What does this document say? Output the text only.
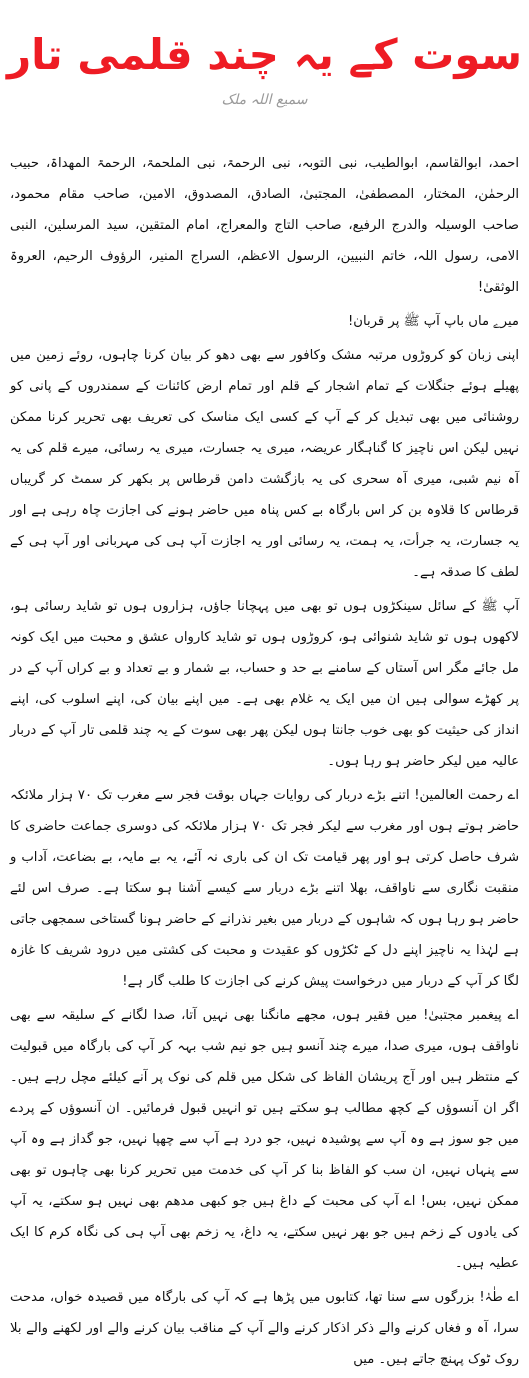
سوت کے یہ چند قلمی تار
سمیع اللہ ملک

احمد، ابوالقاسم، ابوالطیب، نبی التوبہ، نبی الرحمۃ، نبی الملحمۃ، الرحمۃ المھداۃ، حبیب الرحمٰن، المختار، المصطفیٰ، المجتبیٰ، الصادق، المصدوق، الامین، صاحب مقام محمود، صاحب الوسیلہ والدرج الرفیع، صاحب التاج والمعراج، امام المتقین، سید المرسلین، النبی الامی، رسول اللہ، خاتم النبیین، الرسول الاعظم، السراج المنیر، الرؤوف الرحیم، العروۃ الوثقیٰ!

میرے ماں باپ آپ ﷺ پر قربان!

اپنی زبان کو کروڑوں مرتبہ مشک وکافور سے بھی دھو کر بیان کرنا چاہوں، روئے زمین میں پھیلے ہوئے جنگلات کے تمام اشجار کے قلم اور تمام ارض کائنات کے سمندروں کے پانی کو روشنائی میں بھی تبدیل کر کے آپ کے کسی ایک مناسک کی تعریف بھی تحریر کرنا ممکن نہیں لیکن اس ناچیز کا گناہگار عریضہ، میری یہ جسارت، میری یہ رسائی، میرے قلم کی یہ آہ نیم شبی، میری آہ سحری کی یہ بازگشت دامن قرطاس پر بکھر کر سمٹ کر گریباں قرطاس کا قلاوہ بن کر اس بارگاہ بے کس پناہ میں حاضر ہونے کی اجازت چاہ رہی ہے اور یہ جسارت، یہ جرأت، یہ ہمت، یہ رسائی اور یہ اجازت آپ ہی کی مہربانی اور آپ ہی کے لطف کا صدقہ ہے۔

آپ ﷺ کے سائل سینکڑوں ہوں تو بھی میں پہچانا جاؤں، ہزاروں ہوں تو شاید رسائی ہو، لاکھوں ہوں تو شاید شنوائی ہو، کروڑوں ہوں تو شاید کارواں عشق و محبت میں ایک کونہ مل جائے مگر اس آستاں کے سامنے بے حد و حساب، بے شمار و بے تعداد و بے کراں آپ کے در پر کھڑے سوالی ہیں ان میں ایک یہ غلام بھی ہے۔ میں اپنے بیان کی، اپنے اسلوب کی، اپنے انداز کی حیثیت کو بھی خوب جانتا ہوں لیکن پھر بھی سوت کے یہ چند قلمی تار آپ کے دربار عالیہ میں لیکر حاضر ہو رہا ہوں۔

اے رحمت العالمین! اتنے بڑے دربار کی روایات جہاں بوقت فجر سے مغرب تک ۷۰ ہزار ملائکہ حاضر ہوتے ہوں اور مغرب سے لیکر فجر تک ۷۰ ہزار ملائکہ کی دوسری جماعت حاضری کا شرف حاصل کرتی ہو اور پھر قیامت تک ان کی باری نہ آئے، یہ بے مایہ، بے بضاعت، آداب و منقبت نگاری سے ناواقف، بھلا اتنے بڑے دربار سے کیسے آشنا ہو سکتا ہے۔ صرف اس لئے حاضر ہو رہا ہوں کہ شاہوں کے دربار میں بغیر نذرانے کے حاضر ہونا گستاخی سمجھی جاتی ہے لہٰذا یہ ناچیز اپنے دل کے ٹکڑوں کو عقیدت و محبت کی کشتی میں درود شریف کا غازہ لگا کر آپ کے دربار میں درخواست پیش کرنے کی اجازت کا طلب گار ہے!

اے پیغمبر مجتبیٰ! میں فقیر ہوں، مجھے مانگنا بھی نہیں آتا، صدا لگانے کے سلیقہ سے بھی ناواقف ہوں، میری صدا، میرے چند آنسو ہیں جو نیم شب بہہ کر آپ کی بارگاہ میں قبولیت کے منتظر ہیں اور آج پریشان الفاظ کی شکل میں قلم کی نوک پر آنے کیلئے مچل رہے ہیں۔ اگر ان آنسوؤں کے کچھ مطالب ہو سکتے ہیں تو انہیں قبول فرمائیں۔ ان آنسوؤں کے پردے میں جو سوز ہے وہ آپ سے پوشیدہ نہیں، جو درد ہے آپ سے چھپا نہیں، جو گداز ہے وہ آپ سے پنہاں نہیں، ان سب کو الفاظ بنا کر آپ کی خدمت میں تحریر کرنا بھی چاہوں تو بھی ممکن نہیں، بس! اے آپ کی محبت کے داغ ہیں جو کبھی مدھم بھی نہیں ہو سکتے، یہ آپ کی یادوں کے زخم ہیں جو بھر نہیں سکتے، یہ داغ، یہ زخم بھی آپ ہی کی نگاہ کرم کا ایک عطیہ ہیں۔

اے طٰہٰ! بزرگوں سے سنا تھا، کتابوں میں پڑھا ہے کہ آپ کی بارگاہ میں قصیدہ خواں، مدحت سرا، آہ و فغاں کرنے والے ذکر اذکار کرنے والے آپ کے مناقب بیان کرنے والے اور لکھنے والے بلا روک ٹوک پہنچ جاتے ہیں۔ میں
